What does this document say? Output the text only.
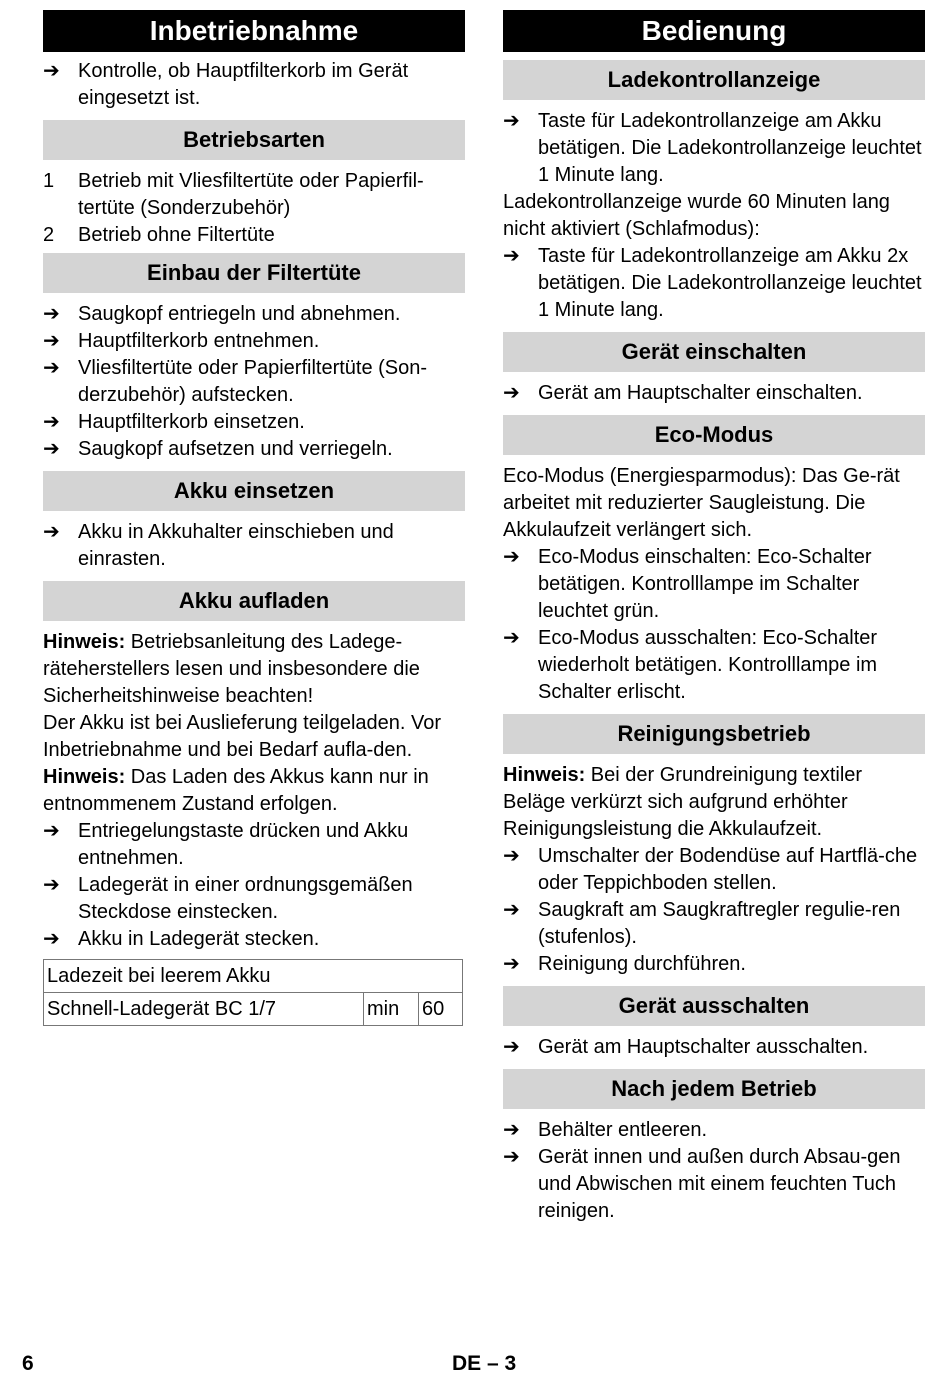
Inbetriebnahme
➔ Kontrolle, ob Hauptfilterkorb im Gerät eingesetzt ist.
Betriebsarten
1	Betrieb mit Vliesfiltertüte oder Papierfil-tertüte (Sonderzubehör)
2	Betrieb ohne Filtertüte
Einbau der Filtertüte
➔ Saugkopf entriegeln und abnehmen.
➔ Hauptfilterkorb entnehmen.
➔ Vliesfiltertüte oder Papierfiltertüte (Son-derzubehör) aufstecken.
➔ Hauptfilterkorb einsetzen.
➔ Saugkopf aufsetzen und verriegeln.
Akku einsetzen
➔ Akku in Akkuhalter einschieben und einrasten.
Akku aufladen

Hinweis: Betriebsanleitung des Ladege-räteherstellers lesen und insbesondere die Sicherheitshinweise beachten!

Der Akku ist bei Auslieferung teilgeladen. Vor Inbetriebnahme und bei Bedarf aufla-den.

Hinweis: Das Laden des Akkus kann nur in entnommenem Zustand erfolgen.

➔ Entriegelungstaste drücken und Akku entnehmen.
➔ Ladegerät in einer ordnungsgemäßen Steckdose einstecken.
➔ Akku in Ladegerät stecken.
Ladezeit bei leerem Akku
Schnell-Ladegerät BC 1/7	min	60
Bedienung
Ladekontrollanzeige
➔ Taste für Ladekontrollanzeige am Akku betätigen. Die Ladekontrollanzeige leuchtet 1 Minute lang.

Ladekontrollanzeige wurde 60 Minuten lang nicht aktiviert (Schlafmodus):

➔ Taste für Ladekontrollanzeige am Akku 2x betätigen. Die Ladekontrollanzeige leuchtet 1 Minute lang.
Gerät einschalten
➔ Gerät am Hauptschalter einschalten.
Eco-Modus

Eco-Modus (Energiesparmodus): Das Ge-rät arbeitet mit reduzierter Saugleistung. Die Akkulaufzeit verlängert sich.

➔ Eco-Modus einschalten: Eco-Schalter betätigen. Kontrolllampe im Schalter leuchtet grün.
➔ Eco-Modus ausschalten: Eco-Schalter wiederholt betätigen. Kontrolllampe im Schalter erlischt.
Reinigungsbetrieb

Hinweis: Bei der Grundreinigung textiler Beläge verkürzt sich aufgrund erhöhter Reinigungsleistung die Akkulaufzeit.

➔ Umschalter der Bodendüse auf Hartflä-che oder Teppichboden stellen.
➔ Saugkraft am Saugkraftregler regulie-ren (stufenlos).
➔ Reinigung durchführen.
Gerät ausschalten
➔ Gerät am Hauptschalter ausschalten.
Nach jedem Betrieb
➔ Behälter entleeren.
➔ Gerät innen und außen durch Absau-gen und Abwischen mit einem feuchten Tuch reinigen.
6	DE – 3
